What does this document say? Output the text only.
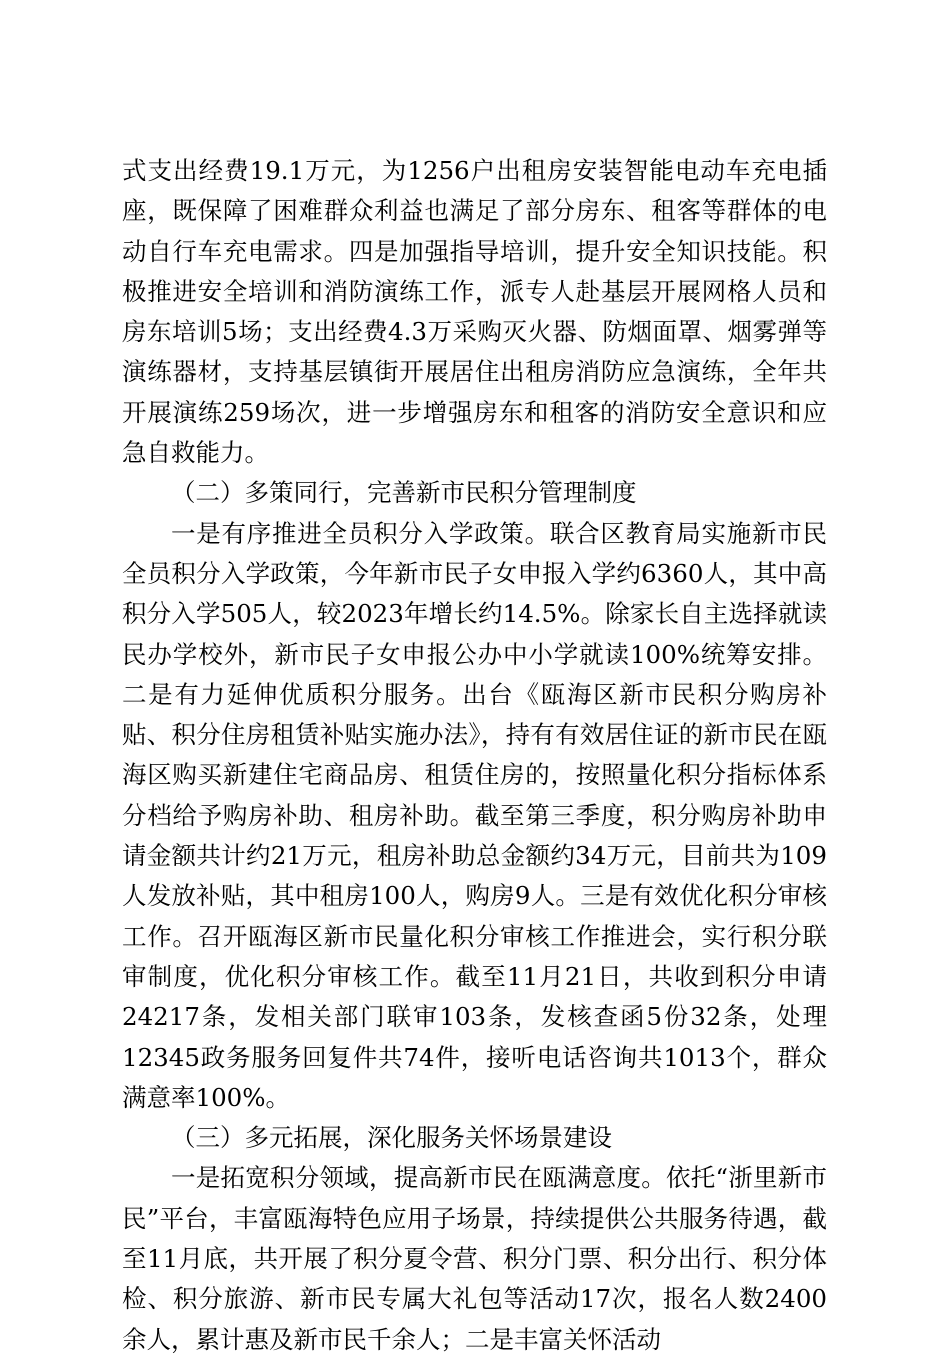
式支出经费19.1万元，为1256户出租房安装智能电动车充电插座，既保障了困难群众利益也满足了部分房东、租客等群体的电动自行车充电需求。四是加强指导培训，提升安全知识技能。积极推进安全培训和消防演练工作，派专人赴基层开展网格人员和房东培训5场；支出经费4.3万采购灭火器、防烟面罩、烟雾弹等演练器材，支持基层镇街开展居住出租房消防应急演练，全年共开展演练259场次，进一步增强房东和租客的消防安全意识和应急自救能力。

（二）多策同行，完善新市民积分管理制度

一是有序推进全员积分入学政策。联合区教育局实施新市民全员积分入学政策，今年新市民子女申报入学约6360人，其中高积分入学505人，较2023年增长约14.5%。除家长自主选择就读民办学校外，新市民子女申报公办中小学就读100%统筹安排。二是有力延伸优质积分服务。出台《瓯海区新市民积分购房补贴、积分住房租赁补贴实施办法》，持有有效居住证的新市民在瓯海区购买新建住宅商品房、租赁住房的，按照量化积分指标体系分档给予购房补助、租房补助。截至第三季度，积分购房补助申请金额共计约21万元，租房补助总金额约34万元，目前共为109人发放补贴，其中租房100人，购房9人。三是有效优化积分审核工作。召开瓯海区新市民量化积分审核工作推进会，实行积分联审制度，优化积分审核工作。截至11月21日，共收到积分申请24217条，发相关部门联审103条，发核查函5份32条，处理12345政务服务回复件共74件，接听电话咨询共1013个，群众满意率100%。

（三）多元拓展，深化服务关怀场景建设

一是拓宽积分领域，提高新市民在瓯满意度。依托“浙里新市民”平台，丰富瓯海特色应用子场景，持续提供公共服务待遇，截至11月底，共开展了积分夏令营、积分门票、积分出行、积分体检、积分旅游、新市民专属大礼包等活动17次，报名人数2400余人，累计惠及新市民千余人；二是丰富关怀活动
